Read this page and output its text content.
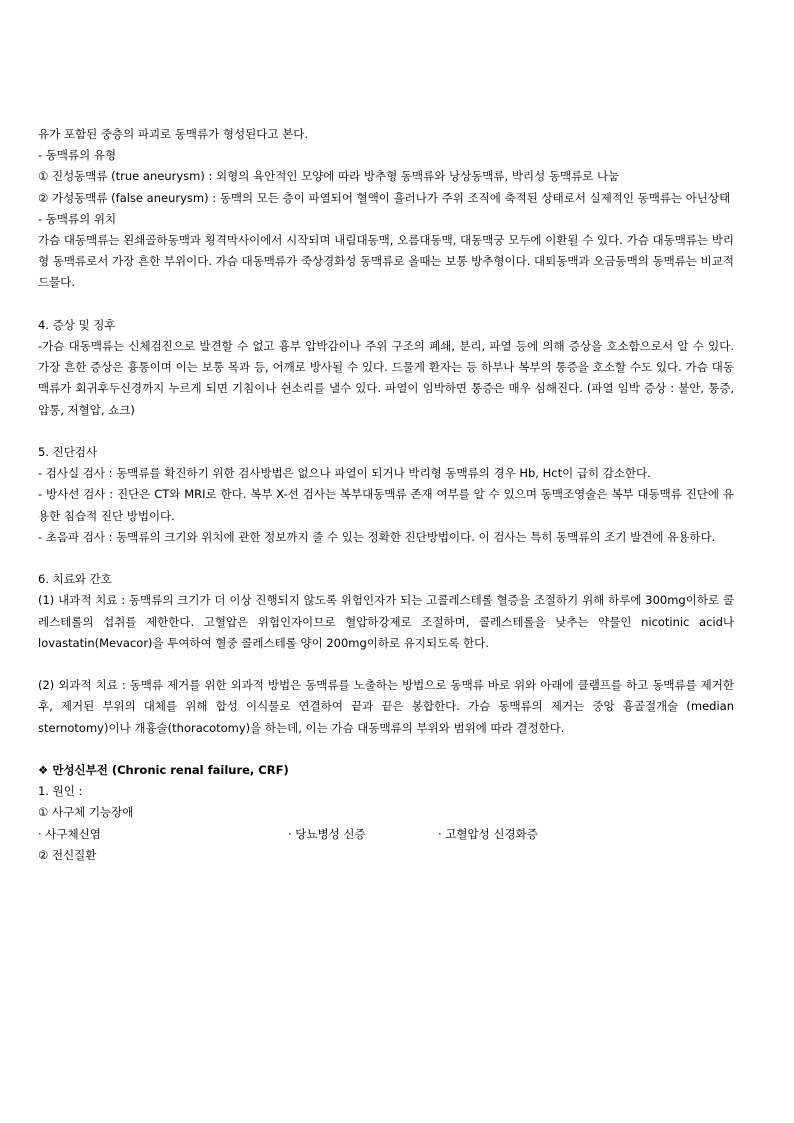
유가 포함된 중층의 파괴로 동맥류가 형성된다고 본다.

- 동맥류의 유형

① 진성동맥류 (true aneurysm) : 외형의 육안적인 모양에 따라 방추형 동맥류와 낭상동맥류, 박리성 동맥류로 나눔

② 가성동맥류 (false aneurysm) : 동맥의 모든 층이 파열되어 혈액이 흘러나가 주위 조직에 축적된 상태로서 실제적인 동맥류는 아닌상태

- 동맥류의 위치

가슴 대동맥류는 왼쇄골하동맥과 횡격막사이에서 시작되며 내림대동맥, 오름대동맥, 대동맥궁 모두에 이환될 수 있다. 가슴 대동맥류는 박리형 동맥류로서 가장 흔한 부위이다. 가슴 대동맥류가 죽상경화성 동맥류로 올때는 보통 방추형이다. 대퇴동맥과 오금동맥의 동맥류는 비교적 드물다.

4. 증상 및 징후

-가슴 대동맥류는 신체검진으로 발견할 수 없고 흉부 압박감이나 주위 구조의 폐쇄, 분리, 파열 등에 의해 증상을 호소함으로서 알 수 있다. 가장 흔한 증상은 흉통이며 이는 보통 목과 등, 어깨로 방사될 수 있다. 드물게 환자는 등 하부나 복부의 통증을 호소할 수도 있다. 가슴 대동맥류가 회귀후두신경까지 누르게 되면 기침이나 쉰소리를 낼수 있다. 파열이 임박하면 통증은 매우 심해진다. (파열 임박 증상 : 불안, 통증, 압통, 저혈압, 쇼크)

5. 진단검사

- 검사실 검사 : 동맥류를 확진하기 위한 검사방법은 없으나 파열이 되거나 박리형 동맥류의 경우 Hb, Hct이 급히 감소한다.

- 방사선 검사 : 진단은 CT와 MRI로 한다. 복부 X-선 검사는 복부대동맥류 존재 여부를 알 수 있으며 동맥조영술은 복부 대동맥류 진단에 유용한 침습적 진단 방법이다.

- 초음파 검사 : 동맥류의 크기와 위치에 관한 정보까지 줄 수 있는 정확한 진단방법이다. 이 검사는 특히 동맥류의 조기 발견에 유용하다.

6. 치료와 간호

(1) 내과적 치료 : 동맥류의 크기가 더 이상 진행되지 않도록 위험인자가 되는 고콜레스테롤 혈증을 조절하기 위해 하루에 300mg이하로 콜레스테롤의 섭취를 제한한다. 고혈압은 위험인자이므로 혈압하강제로 조절하며, 콜레스테롤을 낮추는 약물인 nicotinic acid나 lovastatin(Mevacor)을 투여하여 혈중 콜레스테롤 양이 200mg이하로 유지되도록 한다.

(2) 외과적 치료 : 동맥류 제거를 위한 외과적 방법은 동맥류를 노출하는 방법으로 동맥류 바로 위와 아래에 클램프를 하고 동맥류를 제거한 후, 제거된 부위의 대체를 위해 합성 이식물로 연결하여 끝과 끝은 봉합한다. 가슴 동맥류의 제거는 중앙 흉골절개술 (median sternotomy)이나 개흉술(thoracotomy)을 하는데, 이는 가슴 대동맥류의 부위와 범위에 따라 결정한다.

❖ 만성신부전 (Chronic renal failure, CRF)

1. 원인 :

① 사구체 기능장애

· 사구체신염	· 당뇨병성 신증	· 고혈압성 신경화증

② 전신질환
